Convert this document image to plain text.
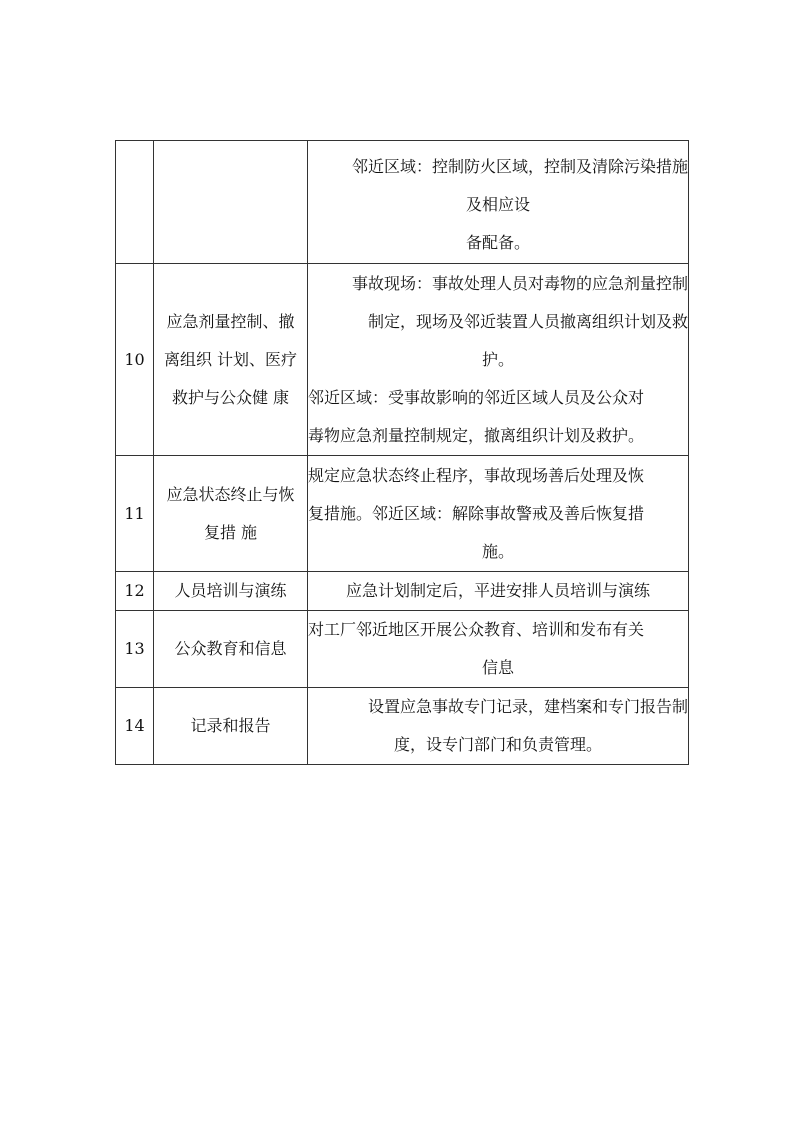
		邻近区域：控制防火区域，控制及清除污染措施
及相应设
备配备。

10	应急剂量控制、撤
离组织 计划、医疗
救护与公众健 康	事故现场：事故处理人员对毒物的应急剂量控制
制定，现场及邻近装置人员撤离组织计划及救
护。
邻近区域：受事故影响的邻近区域人员及公众对
毒物应急剂量控制规定，撤离组织计划及救护。

11	应急状态终止与恢
复措 施	规定应急状态终止程序，事故现场善后处理及恢
复措施。邻近区域：解除事故警戒及善后恢复措
施。

12	人员培训与演练	应急计划制定后，平进安排人员培训与演练

13	公众教育和信息	对工厂邻近地区开展公众教育、培训和发布有关
信息

14	记录和报告	设置应急事故专门记录，建档案和专门报告制
度，设专门部门和负责管理。
